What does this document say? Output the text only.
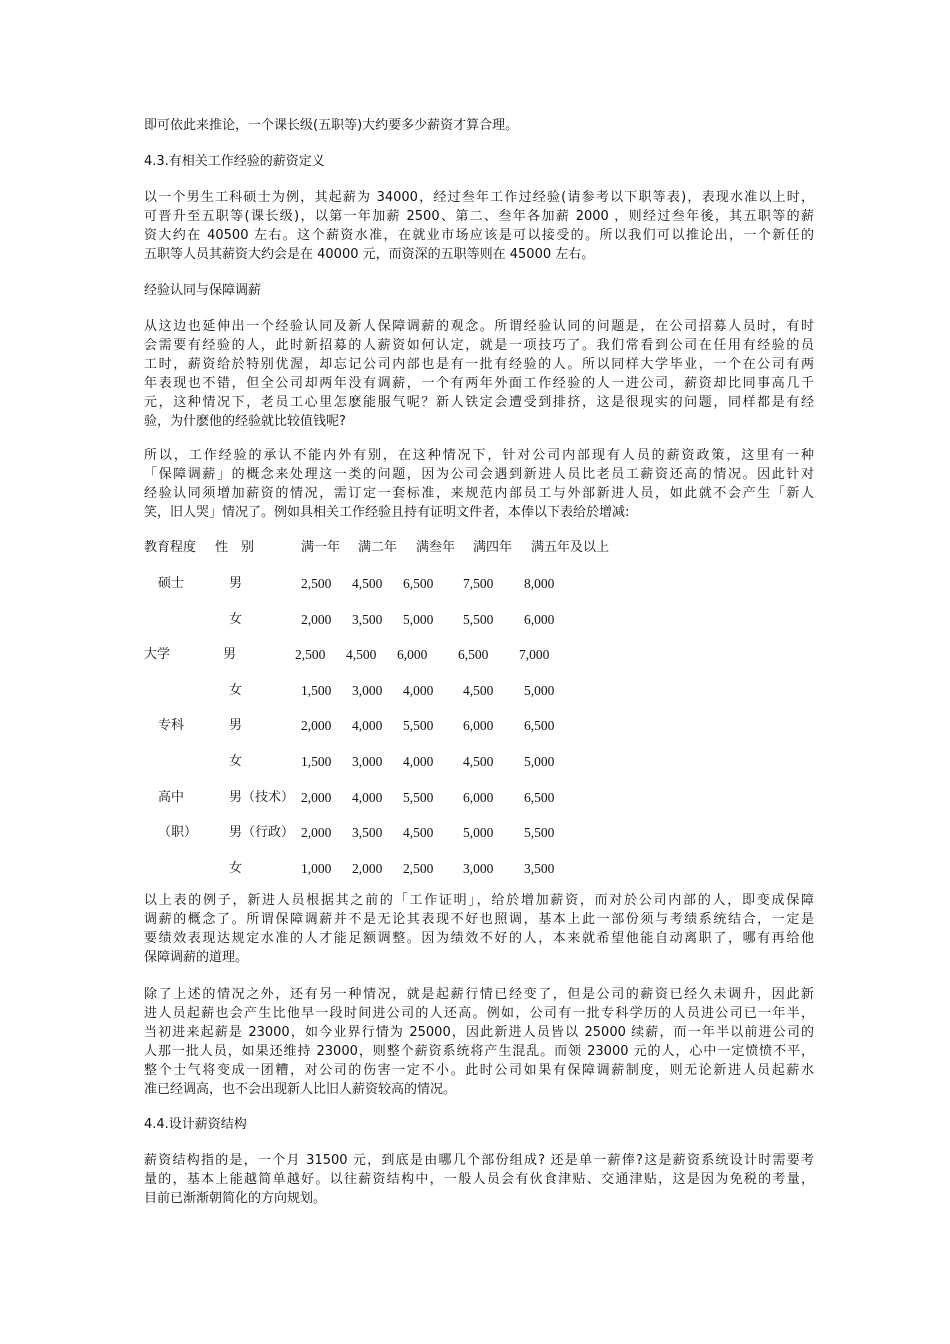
即可依此来推论，一个课长级(五职等)大约要多少薪资才算合理。
4.3.有相关工作经验的薪资定义
以一个男生工科硕士为例，其起薪为 34000，经过叁年工作过经验(请参考以下职等表)，表现水准以上时，
可晋升至五职等(课长级)，以第一年加薪 2500、第二、叁年各加薪 2000 ，则经过叁年後，其五职等的薪
资大约在 40500 左右。这个薪资水准，在就业市场应该是可以接受的。所以我们可以推论出，一个新任的
五职等人员其薪资大约会是在 40000 元，而资深的五职等则在 45000 左右。
经验认同与保障调薪
从这边也延伸出一个经验认同及新人保障调薪的观念。所谓经验认同的问题是，在公司招募人员时，有时
会需要有经验的人，此时新招募的人薪资如何认定，就是一项技巧了。我们常看到公司在任用有经验的员
工时，薪资给於特别优渥，却忘记公司内部也是有一批有经验的人。所以同样大学毕业，一个在公司有两
年表现也不错，但全公司却两年没有调薪，一个有两年外面工作经验的人一进公司，薪资却比同事高几千
元，这种情况下，老员工心里怎麽能服气呢？新人铁定会遭受到排挤，这是很现实的问题，同样都是有经
验，为什麽他的经验就比较值钱呢?
所以，工作经验的承认不能内外有别，在这种情况下，针对公司内部现有人员的薪资政策，这里有一种
「保障调薪」的概念来处理这一类的问题，因为公司会遇到新进人员比老员工薪资还高的情况。因此针对
经验认同须增加薪资的情况，需订定一套标准，来规范内部员工与外部新进人员，如此就不会产生「新人
笑，旧人哭」情况了。例如具相关工作经验且持有证明文件者，本俸以下表给於增减:
教育程度 性　别	满一年 满二年 满叁年 满四年 满五年及以上
硕士	男	2,500 4,500 6,500 7,500 8,000
女	2,000 3,500 5,000 5,500 6,000
大学	男	2,500 4,500 6,000 6,500 7,000
女	1,500 3,000 4,000 4,500 5,000
专科	男	2,000 4,000 5,500 6,000 6,500
女	1,500 3,000 4,000 4,500 5,000
高中	男（技术） 2,000 4,000 5,500 6,000 6,500
（职） 男（行政） 2,000 3,500 4,500 5,000 5,500
女	1,000 2,000 2,500 3,000 3,500
以上表的例子，新进人员根据其之前的「工作证明」，给於增加薪资，而对於公司内部的人，即变成保障
调薪的概念了。所谓保障调薪并不是无论其表现不好也照调，基本上此一部份须与考绩系统结合，一定是
要绩效表现达规定水准的人才能足额调整。因为绩效不好的人，本来就希望他能自动离职了，哪有再给他
保障调薪的道理。
除了上述的情况之外，还有另一种情况，就是起薪行情已经变了，但是公司的薪资已经久未调升，因此新
进人员起薪也会产生比他早一段时间进公司的人还高。例如，公司有一批专科学历的人员进公司已一年半，
当初进来起薪是 23000，如今业界行情为 25000，因此新进人员皆以 25000 续薪，而一年半以前进公司的
人那一批人员，如果还维持 23000，则整个薪资系统将产生混乱。而领 23000 元的人，心中一定愤愤不平，
整个士气将变成一团糟，对公司的伤害一定不小。此时公司如果有保障调薪制度，则无论新进人员起薪水
准已经调高，也不会出现新人比旧人薪资较高的情况。
4.4.设计薪资结构
薪资结构指的是，一个月 31500 元，到底是由哪几个部份组成? 还是单一薪俸?这是薪资系统设计时需要考
量的，基本上能越简单越好。以往薪资结构中，一般人员会有伙食津贴、交通津贴，这是因为免税的考量，
目前已渐渐朝简化的方向规划。
